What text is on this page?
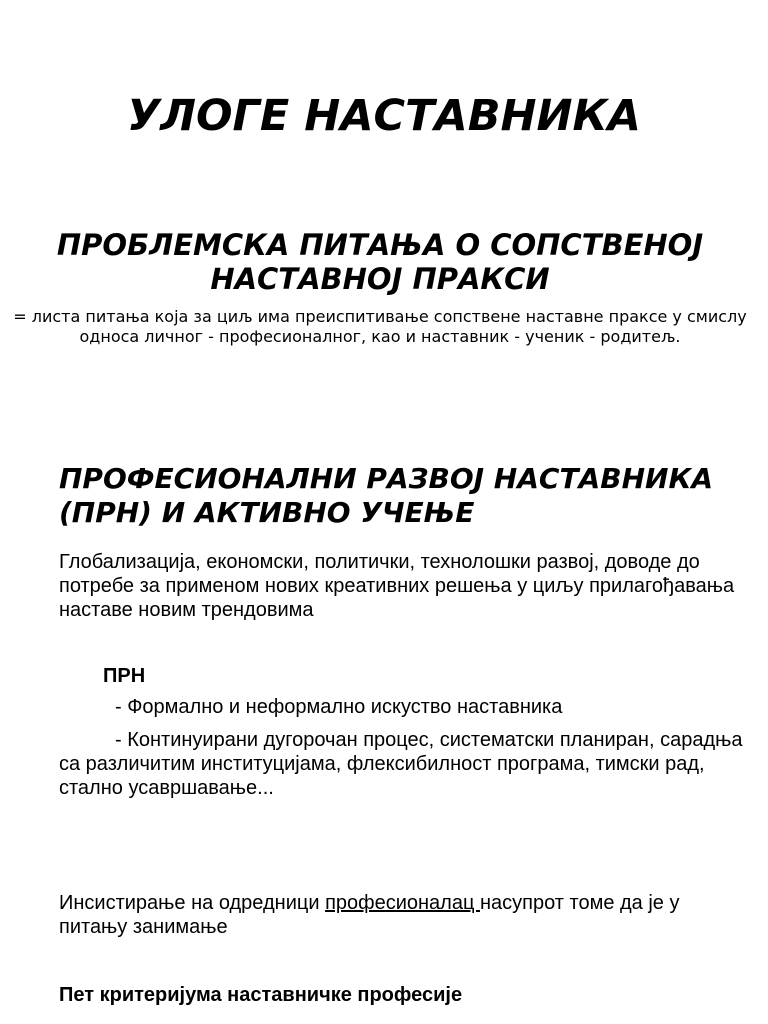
УЛОГЕ НАСТАВНИКА
ПРОБЛЕМСКА ПИТАЊА О СОПСТВЕНОЈ НАСТАВНОЈ ПРАКСИ

= листа питања која за циљ има преиспитивање сопствене наставне праксе у смислу односа личног - професионалног, као и наставник - ученик - родитељ.

ПРОФЕСИОНАЛНИ РАЗВОЈ НАСТАВНИКА (ПРН) И АКТИВНО УЧЕЊЕ

Глобализација, економски, политички, технолошки развој, доводе до потребе за применом нових креативних решења у циљу прилагођавања наставе новим трендовима

ПРН

- Формално и неформално искуство наставника

- Континуирани дугорочан процес, систематски планиран, сарадња са различитим институцијама, флексибилност програма, тимски рад, стално усавршавање...

Инсистирање на одредници професионалац насупрот томе да је у питању занимање

Пет критеријума наставничке професије
